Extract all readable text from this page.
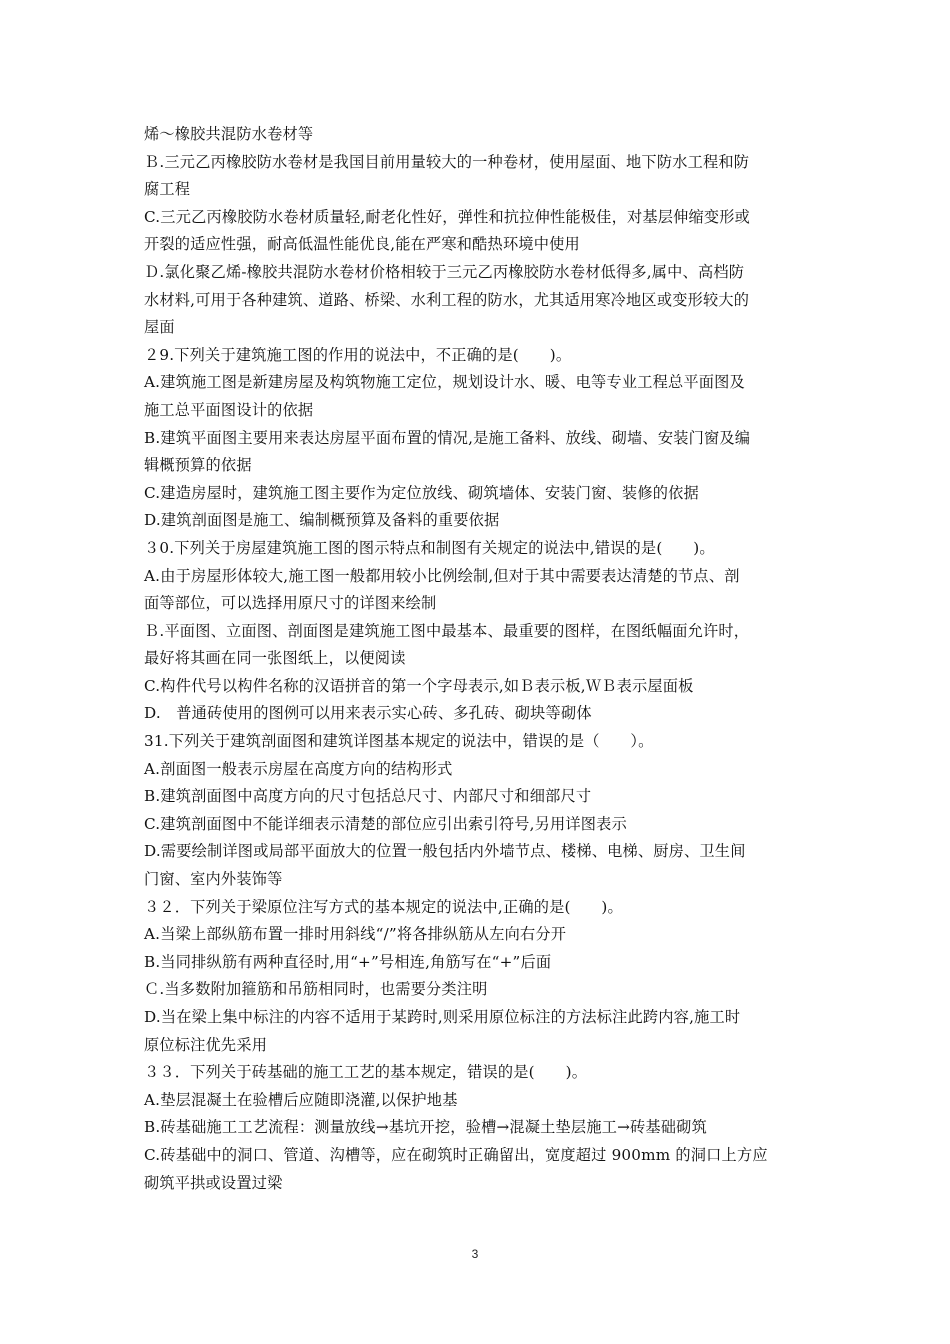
烯～橡胶共混防水卷材等
Ｂ.三元乙丙橡胶防水卷材是我国目前用量较大的一种卷材，使用屋面、地下防水工程和防
腐工程
C.三元乙丙橡胶防水卷材质量轻,耐老化性好，弹性和抗拉伸性能极佳，对基层伸缩变形或
开裂的适应性强，耐高低温性能优良,能在严寒和酷热环境中使用
Ｄ.氯化聚乙烯-橡胶共混防水卷材价格相较于三元乙丙橡胶防水卷材低得多,属中、高档防
水材料,可用于各种建筑、道路、桥梁、水利工程的防水，尤其适用寒冷地区或变形较大的
屋面
２9.下列关于建筑施工图的作用的说法中，不正确的是(　　)。
A.建筑施工图是新建房屋及构筑物施工定位，规划设计水、暖、电等专业工程总平面图及
施工总平面图设计的依据
B.建筑平面图主要用来表达房屋平面布置的情况,是施工备料、放线、砌墙、安装门窗及编
辑概预算的依据
C.建造房屋时，建筑施工图主要作为定位放线、砌筑墙体、安装门窗、装修的依据
D.建筑剖面图是施工、编制概预算及备料的重要依据
３0.下列关于房屋建筑施工图的图示特点和制图有关规定的说法中,错误的是(　　)。
A.由于房屋形体较大,施工图一般都用较小比例绘制,但对于其中需要表达清楚的节点、剖
面等部位，可以选择用原尺寸的详图来绘制
Ｂ.平面图、立面图、剖面图是建筑施工图中最基本、最重要的图样，在图纸幅面允许时，
最好将其画在同一张图纸上，以便阅读
C.构件代号以构件名称的汉语拼音的第一个字母表示,如Ｂ表示板,ＷＢ表示屋面板
D.　普通砖使用的图例可以用来表示实心砖、多孔砖、砌块等砌体
31.下列关于建筑剖面图和建筑详图基本规定的说法中，错误的是（　　）。
A.剖面图一般表示房屋在高度方向的结构形式
B.建筑剖面图中高度方向的尺寸包括总尺寸、内部尺寸和细部尺寸
C.建筑剖面图中不能详细表示清楚的部位应引出索引符号,另用详图表示
D.需要绘制详图或局部平面放大的位置一般包括内外墙节点、楼梯、电梯、厨房、卫生间
门窗、室内外装饰等
３２．下列关于梁原位注写方式的基本规定的说法中,正确的是(　　)。
A.当梁上部纵筋布置一排时用斜线“/”将各排纵筋从左向右分开
B.当同排纵筋有两种直径时,用“+”号相连,角筋写在“+”后面
Ｃ.当多数附加箍筋和吊筋相同时，也需要分类注明
D.当在梁上集中标注的内容不适用于某跨时,则采用原位标注的方法标注此跨内容,施工时
原位标注优先采用
３３．下列关于砖基础的施工工艺的基本规定，错误的是(　　)。
A.垫层混凝土在验槽后应随即浇灌,以保护地基
B.砖基础施工工艺流程：测量放线→基坑开挖，验槽→混凝土垫层施工→砖基础砌筑
C.砖基础中的洞口、管道、沟槽等，应在砌筑时正确留出，宽度超过 900mm 的洞口上方应
砌筑平拱或设置过梁
3
